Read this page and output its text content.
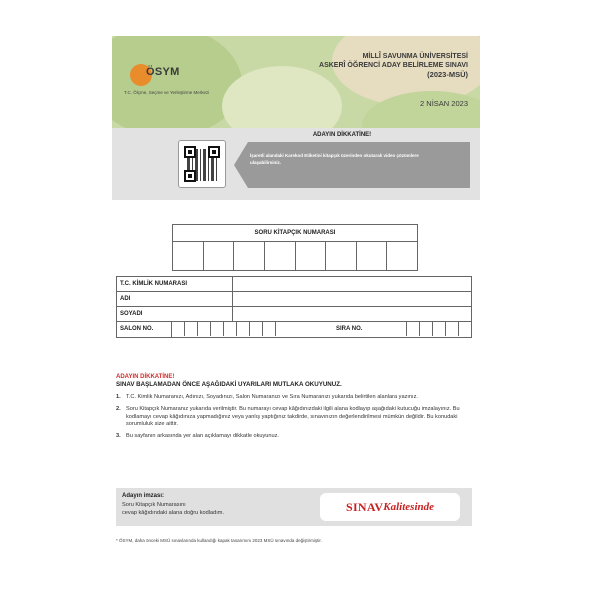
ÖSYM
T.C. Ölçme, Seçme ve Yerleştirme Merkezi
MİLLÎ SAVUNMA ÜNİVERSİTESİ
ASKERÎ ÖĞRENCİ ADAY BELİRLEME SINAVI
(2023-MSÜ)
2 NİSAN 2023
ADAYIN DİKKATİNE!
İşaretli alandaki Karekod Etiketini kitapçık üzerinden okutarak video çözümlere ulaşabilirsiniz.
SORU KİTAPÇIK NUMARASI
T.C. KİMLİK NUMARASI
ADI
SOYADI
SALON NO.	SIRA NO.
ADAYIN DİKKATİNE!
SINAV BAŞLAMADAN ÖNCE AŞAĞIDAKİ UYARILARI MUTLAKA OKUYUNUZ.
1. T.C. Kimlik Numaranızı, Adınızı, Soyadınızı, Salon Numaranızı ve Sıra Numaranızı yukarıda belirtilen alanlara yazınız.
2. Soru Kitapçık Numaranız yukarıda verilmiştir. Bu numarayı cevap kâğıdınızdaki ilgili alana kodlayıp aşağıdaki kutucuğu imzalayınız. Bu kodlamayı cevap kâğıdınıza yapmadığınız veya yanlış yaptığınız takdirde, sınavınızın değerlendirilmesi mümkün değildir. Bu konudaki sorumluluk size aittir.
3. Bu sayfanın arkasında yer alan açıklamayı dikkatle okuyunuz.
Adayın imzası:
Soru Kitapçık Numarasını
cevap kâğıdındaki alana doğru kodladım.	SINAV Kalitesinde
* ÖSYM, daha önceki MSÜ sınavlarında kullandığı kapak tasarımını 2023 MSÜ sınavında değiştirmiştir.
